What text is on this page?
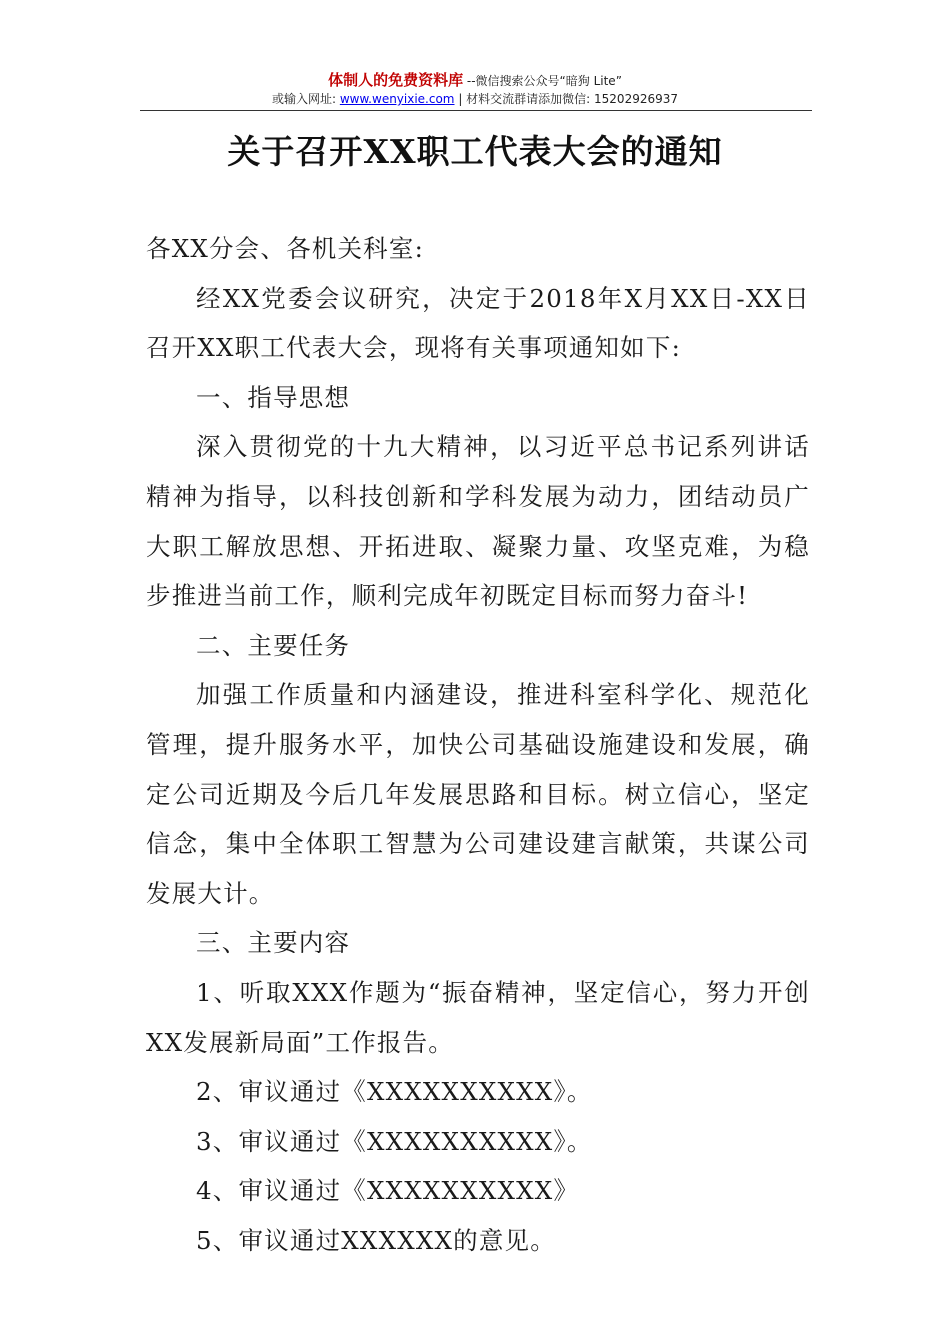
体制人的免费资料库 --微信搜索公众号“暗狗 Lite”
或输入网址: www.wenyixie.com | 材料交流群请添加微信: 15202926937
关于召开XX职工代表大会的通知

各XX分会、各机关科室:

经XX党委会议研究，决定于2018年X月XX日-XX日召开XX职工代表大会，现将有关事项通知如下:

一、指导思想

深入贯彻党的十九大精神，以习近平总书记系列讲话精神为指导，以科技创新和学科发展为动力，团结动员广大职工解放思想、开拓进取、凝聚力量、攻坚克难，为稳步推进当前工作，顺利完成年初既定目标而努力奋斗!

二、主要任务

加强工作质量和内涵建设，推进科室科学化、规范化管理，提升服务水平，加快公司基础设施建设和发展，确定公司近期及今后几年发展思路和目标。树立信心，坚定信念，集中全体职工智慧为公司建设建言献策，共谋公司发展大计。

三、主要内容

1、听取XXX作题为“振奋精神，坚定信心，努力开创XX发展新局面”工作报告。

2、审议通过《XXXXXXXXXX》。

3、审议通过《XXXXXXXXXX》。

4、审议通过《XXXXXXXXXX》

5、审议通过XXXXXX的意见。
